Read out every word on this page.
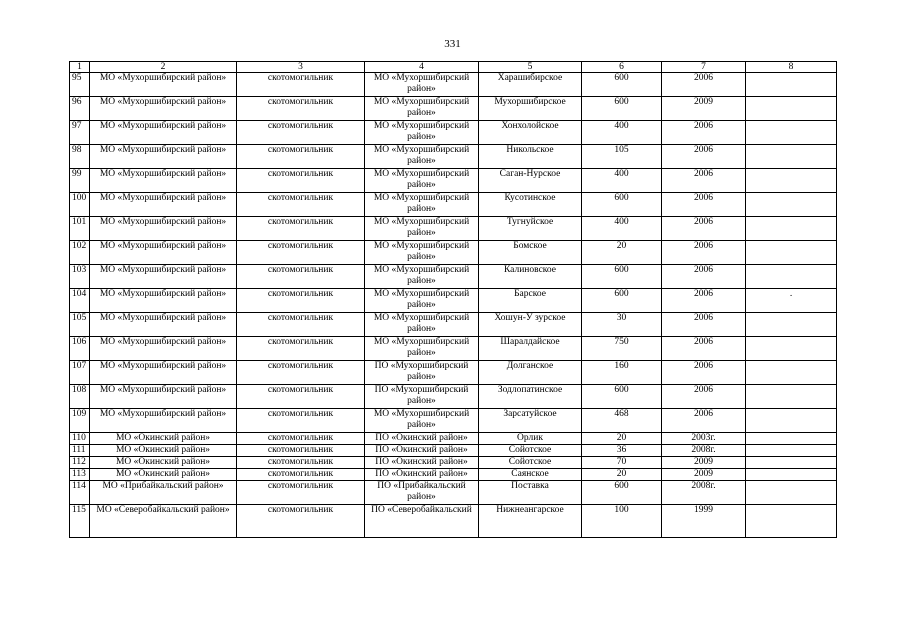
331
1	2	3	4	5	6	7	8
95	МО «Мухоршибирский район»	скотомогильник	МО «Мухоршибирский район»	Харашибирское	600	2006	
96	МО «Мухоршибирский район»	скотомогильник	МО «Мухоршибирский район»	Мухоршибирское	600	2009	
97	МО «Мухоршибирский район»	скотомогильник	МО «Мухоршибирский район»	Хонхолойское	400	2006	
98	МО «Мухоршибирский район»	скотомогильник	МО «Мухоршибирский район»	Никольское	105	2006	
99	МО «Мухоршибирский район»	скотомогильник	МО «Мухоршибирский район»	Саган-Нурское	400	2006	
100	МО «Мухоршибирский район»	скотомогильник	МО «Мухоршибирский район»	Кусотинское	600	2006	
101	МО «Мухоршибирский район»	скотомогильник	МО «Мухоршибирский район»	Тугнуйское	400	2006	
102	МО «Мухоршибирский район»	скотомогильник	МО «Мухоршибирский район»	Бомское	20	2006	
103	МО «Мухоршибирский район»	скотомогильник	МО «Мухоршибирский район»	Калиновское	600	2006	
104	МО «Мухоршибирский район»	скотомогильник	МО «Мухоршибирский район»	Барское	600	2006	.
105	МО «Мухоршибирский район»	скотомогильник	МО «Мухоршибирский район»	Хошун-У зурское	30	2006	
106	МО «Мухоршибирский район»	скотомогильник	МО «Мухоршибирский район»	Шаралдайское	750	2006	
107	МО «Мухоршибирский район»	скотомогильник	ПО «Мухоршибирский район»	Долганское	160	2006	
108	МО «Мухоршибирский район»	скотомогильник	ПО «Мухоршибирский район»	Зодлопатинское	600	2006	
109	МО «Мухоршибирский район»	скотомогильник	МО «Мухоршибирский район»	Зарсатуйское	468	2006	
110	МО «Окинский район»	скотомогильник	ПО «Окинский район»	Орлик	20	2003г.	
111	МО «Окинский район»	скотомогильник	ПО «Окинский район»	Сойотское	36	2008г.	
112	МО «Окинский район»	скотомогильник	ПО «Окинский район»	Сойотское	70	2009	
113	МО «Окинский район»	скотомогильник	ПО «Окинский район»	Саянское	20	2009	
114	МО «Прибайкальский район»	скотомогильник	ПО «Прибайкальский район»	Поставка	600	2008г.	
115	МО «Северобайкальский район»	скотомогильник	ПО «Северобайкальский	Нижнеангарское	100	1999	
